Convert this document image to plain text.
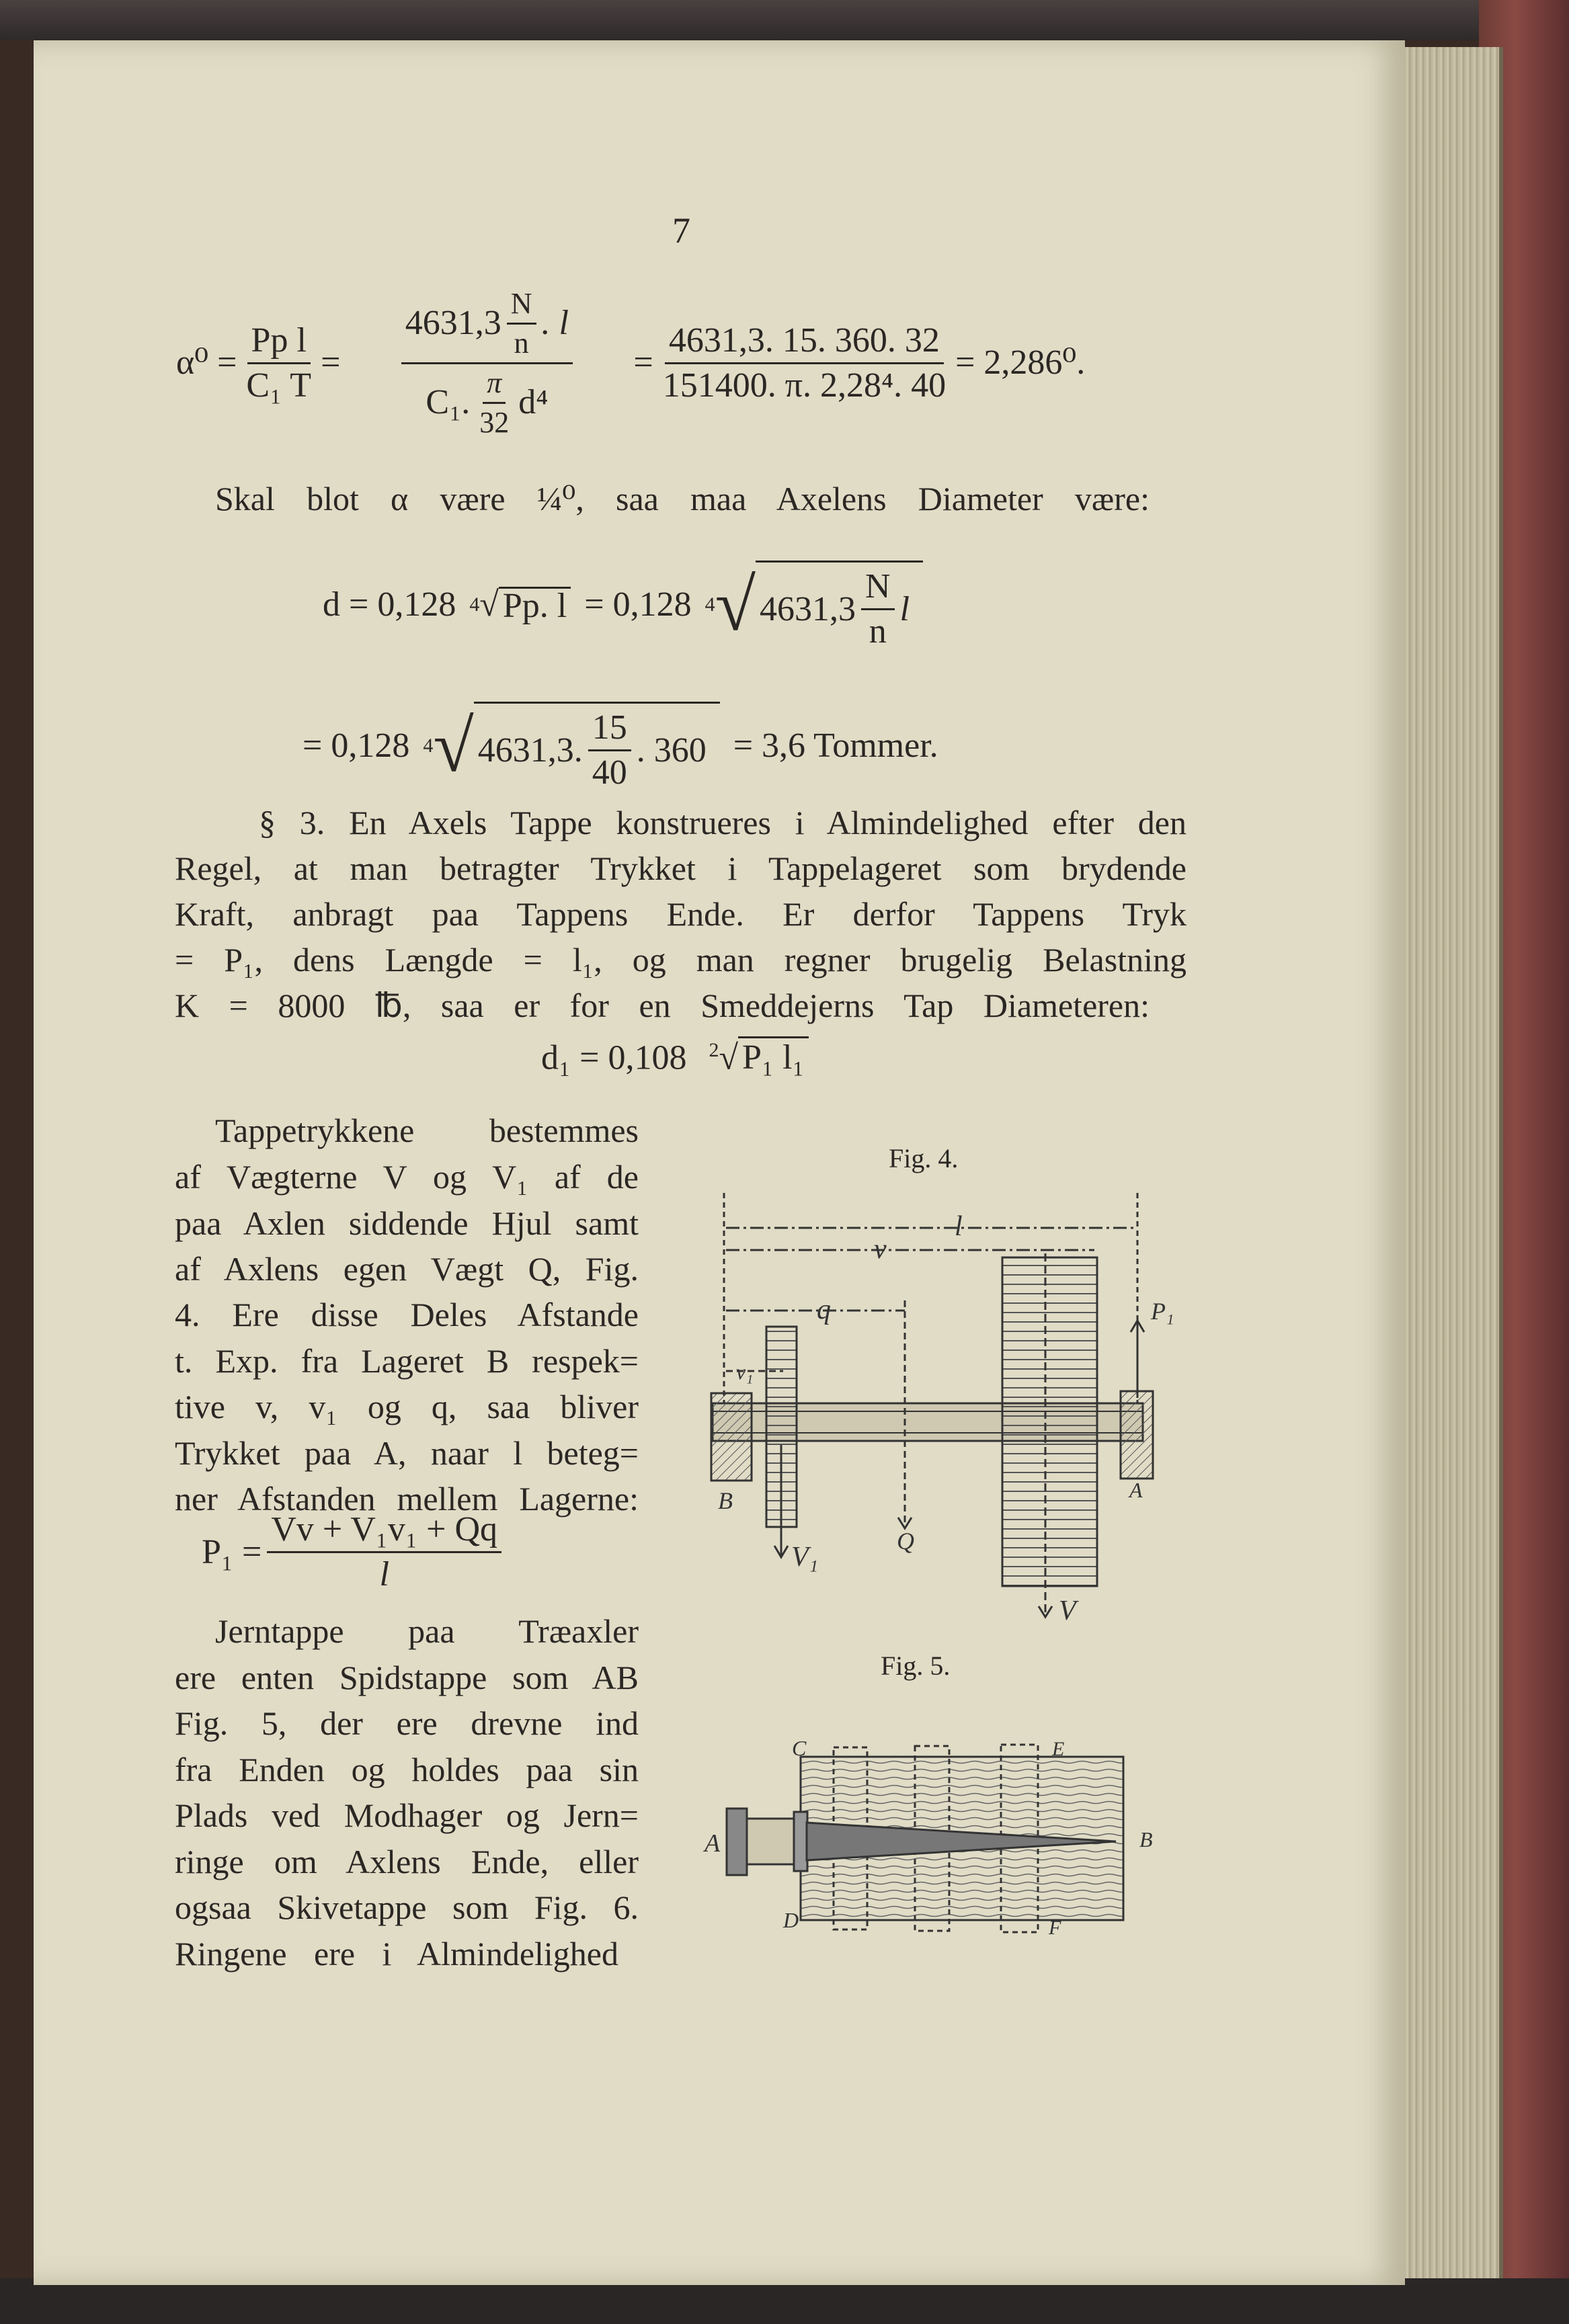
7
$\alpha^0 = \frac{\text{Pp l}}{\text{C₁ T}} = \frac{4631,3 \frac{N}{n} . l}{C_1. \frac{\pi}{32} d^4} = \frac{4631,3. 15. 360. 32}{\text{151400. π. 2,28⁴. 40}} = 2,286^0$.
Skal blot α være ¼⁰, saa maa Axelens Diameter være:
d = 0,128 4 √ Pp. l = 0,128 4 √ $4631,3 \frac{N}{n}$ l
= 0,128 4 √ 4631,3. $\frac{15}{40}$ . 360 = 3,6 Tommer.
§ 3. En Axels Tappe konstrueres i Almindelighed efter den
Regel, at man betragter Trykket i Tappelageret som brydende
Kraft, anbragt paa Tappens Ende. Er derfor Tappens Tryk
= P₁, dens Længde = l₁, og man regner brugelig Belastning
K = 8000 ℔, saa er for en Smeddejerns Tap Diameteren:
d₁ = 0,108 $^2$√ P₁ l₁
Tappetrykkene bestemmes
af Vægterne V og V₁ af de
paa Axlen siddende Hjul samt
af Axlens egen Vægt Q, Fig.
4. Ere disse Deles Afstande
t. Exp. fra Lageret B respek=
tive v, v₁ og q, saa bliver
Trykket paa A, naar l beteg=
ner Afstanden mellem Lagerne:
$P_1 = \frac{\text{Vv + V₁v₁ + Qq}}{l}$
Jerntappe paa Træaxler
ere enten Spidstappe som AB
Fig. 5, der ere drevne ind
fra Enden og holdes paa sin
Plads ved Modhager og Jern=
ringe om Axlens Ende, eller
ogsaa Skivetappe som Fig. 6.
Ringene ere i Almindelighed
Fig. 4.
l
v
q
v₁
P₁
A
B
V₁
Q
V
Fig. 5.
A	B
C
D
E
F
